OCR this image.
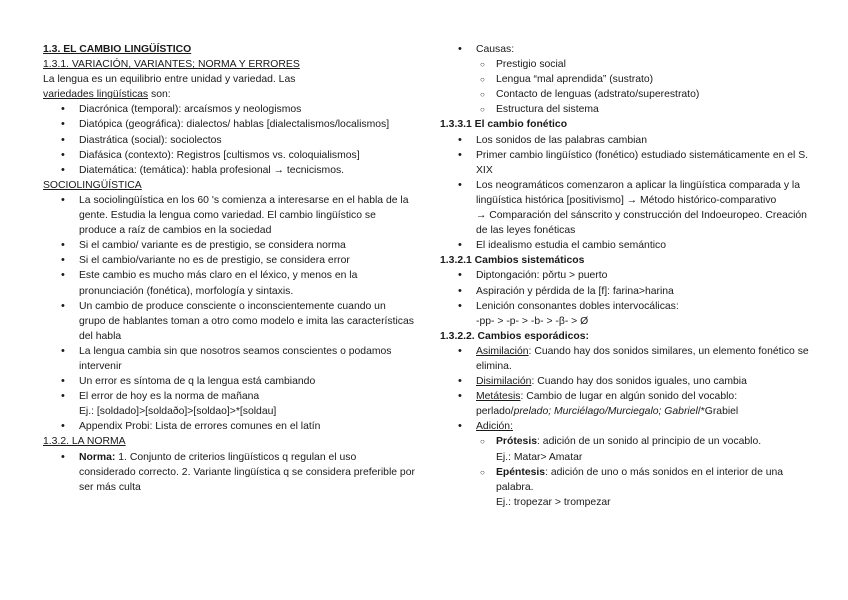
1.3. EL CAMBIO LINGÜÍSTICO

1.3.1. VARIACIÓN, VARIANTES; NORMA Y ERRORES

La lengua es un equilibrio entre unidad y variedad. Las

variedades lingüísticas son:

• Diacrónica (temporal): arcaísmos y neologismos
• Diatópica (geográfica): dialectos/ hablas [dialectalismos/localismos]
• Diastrática (social): sociolectos
• Diafásica (contexto): Registros [cultismos vs. coloquialismos]
• Diatemática: (temática): habla profesional → tecnicismos.

SOCIOLINGÜÍSTICA

• La sociolingüística en los 60 's comienza a interesarse en el habla de la gente. Estudia la lengua como variedad. El cambio lingüístico se produce a raíz de cambios en la sociedad
• Si el cambio/ variante es de prestigio, se considera norma
• Si el cambio/variante no es de prestigio, se considera error
• Este cambio es mucho más claro en el léxico, y menos en la pronunciación (fonética), morfología y sintaxis.
• Un cambio de produce consciente o inconscientemente cuando un grupo de hablantes toman a otro como modelo e imita las características del habla
• La lengua cambia sin que nosotros seamos conscientes o podamos intervenir
• Un error es síntoma de q la lengua está cambiando
• El error de hoy es la norma de mañana
Ej.: [soldado]>[soldaðo]>[soldao]>*[soldau]
• Appendix Probi: Lista de errores comunes en el latín

1.3.2. LA NORMA

• Norma: 1. Conjunto de criterios lingüísticos q regulan el uso considerado correcto. 2. Variante lingüística q se considera preferible por ser más culta
• Causas:
○ Prestigio social
○ Lengua “mal aprendida” (sustrato)
○ Contacto de lenguas (adstrato/superestrato)
○ Estructura del sistema

1.3.3.1 El cambio fonético

• Los sonidos de las palabras cambian
• Primer cambio lingüístico (fonético) estudiado sistemáticamente en el S. XIX
• Los neogramáticos comenzaron a aplicar la lingüística comparada y la lingüística histórica [positivismo] → Método histórico-comparativo
→ Comparación del sánscrito y construcción del Indoeuropeo. Creación de las leyes fonéticas
• El idealismo estudia el cambio semántico

1.3.2.1 Cambios sistemáticos

• Diptongación: pǒrtu > puerto
• Aspiración y pérdida de la [f]: farina>harina
• Lenición consonantes dobles intervocálicas:
-pp- > -p- > -b- > -β- > Ø

1.3.2.2. Cambios esporádicos:

• Asimilación: Cuando hay dos sonidos similares, un elemento fonético se elimina.
• Disimilación: Cuando hay dos sonidos iguales, uno cambia
• Metátesis: Cambio de lugar en algún sonido del vocablo: perlado/prelado; Murciélago/Murciegalo; Gabriel/*Grabiel
• Adición:
○ Prótesis: adición de un sonido al principio de un vocablo.
Ej.: Matar> Amatar
○ Epéntesis: adición de uno o más sonidos en el interior de una palabra.
Ej.: tropezar > trompezar
